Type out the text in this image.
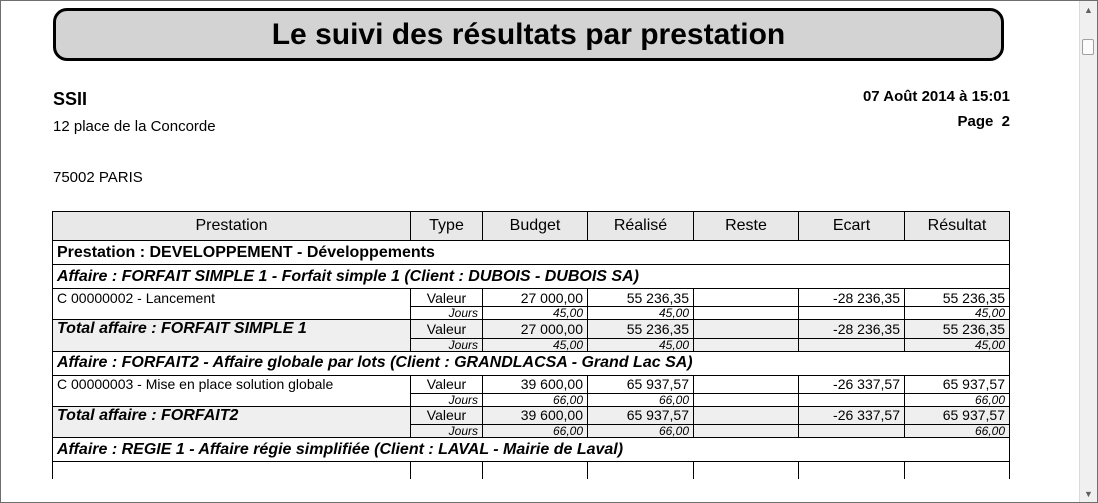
Le suivi des résultats par prestation
SSII
12 place de la Concorde
75002 PARIS
07 Août 2014 à 15:01
Page  2
Prestation	Type	Budget	Réalisé	Reste	Ecart	Résultat
Prestation : DEVELOPPEMENT - Développements						
Affaire : FORFAIT SIMPLE 1 - Forfait simple 1 (Client : DUBOIS - DUBOIS SA)						
C 00000002 - Lancement	Valeur	27 000,00	55 236,35		-28 236,35	55 236,35
	Jours	45,00	45,00			45,00
Total affaire : FORFAIT SIMPLE 1	Valeur	27 000,00	55 236,35		-28 236,35	55 236,35
	Jours	45,00	45,00			45,00
Affaire : FORFAIT2 - Affaire globale par lots (Client : GRANDLACSA - Grand Lac SA)						
C 00000003 - Mise en place solution globale	Valeur	39 600,00	65 937,57		-26 337,57	65 937,57
	Jours	66,00	66,00			66,00
Total affaire : FORFAIT2	Valeur	39 600,00	65 937,57		-26 337,57	65 937,57
	Jours	66,00	66,00			66,00
Affaire : REGIE 1 - Affaire régie simplifiée (Client : LAVAL - Mairie de Laval)						

▲
▼
